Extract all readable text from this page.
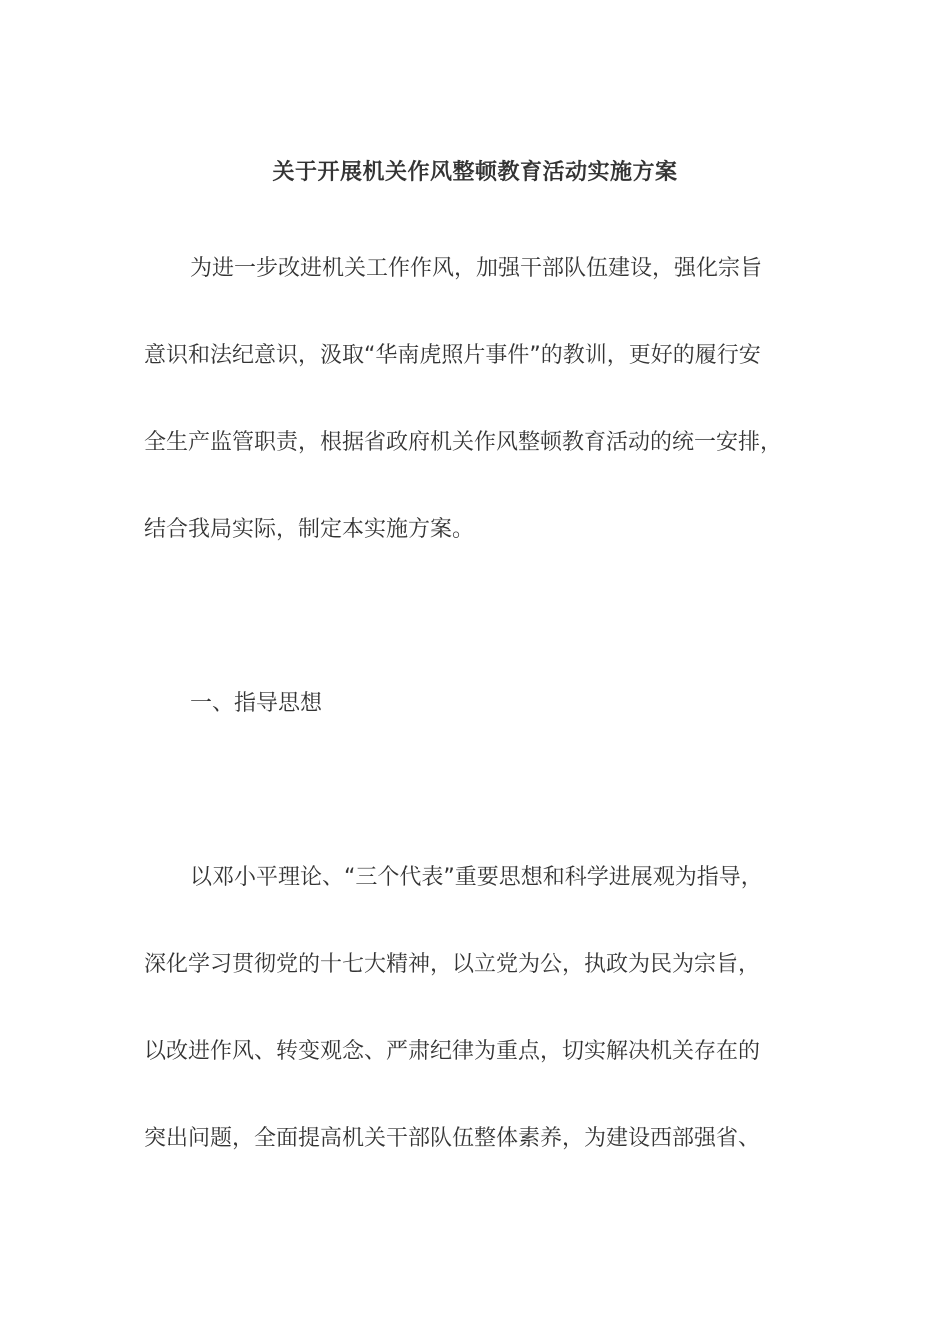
关于开展机关作风整顿教育活动实施方案
为进一步改进机关工作作风，加强干部队伍建设，强化宗旨
意识和法纪意识，汲取“华南虎照片事件”的教训，更好的履行安
全生产监管职责，根据省政府机关作风整顿教育活动的统一安排，
结合我局实际，制定本实施方案。
一、指导思想
以邓小平理论、“三个代表”重要思想和科学进展观为指导，
深化学习贯彻党的十七大精神，以立党为公，执政为民为宗旨，
以改进作风、转变观念、严肃纪律为重点，切实解决机关存在的
突出问题，全面提高机关干部队伍整体素养，为建设西部强省、
